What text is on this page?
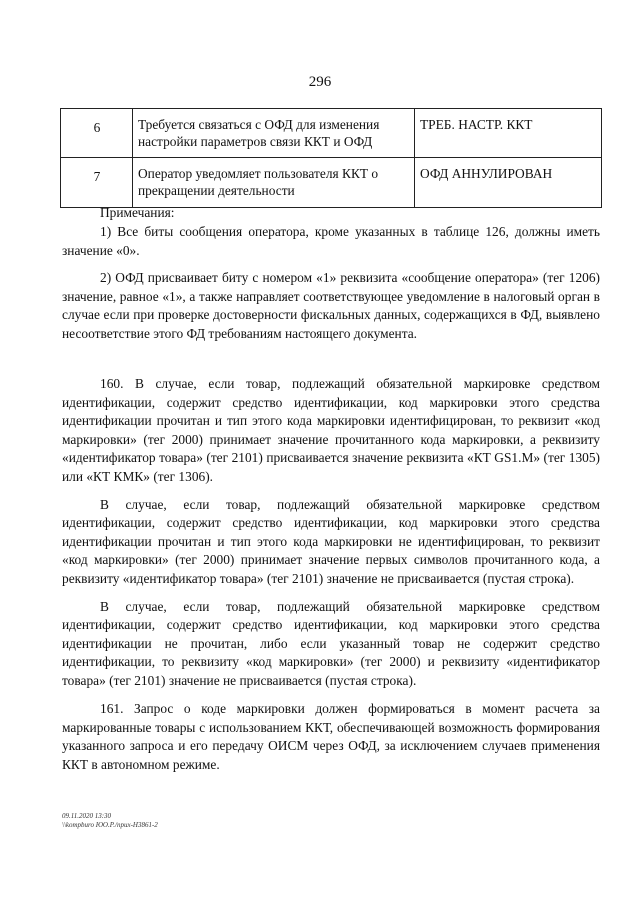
296
6	Требуется связаться с ОФД для изменения настройки параметров связи ККТ и ОФД	ТРЕБ. НАСТР. ККТ
7	Оператор уведомляет пользователя ККТ о прекращении деятельности	ОФД АННУЛИРОВАН
Примечания:

1) Все биты сообщения оператора, кроме указанных в таблице 126, должны иметь значение «0».

2) ОФД присваивает биту с номером «1» реквизита «сообщение оператора» (тег 1206) значение, равное «1», а также направляет соответствующее уведомление в налоговый орган в случае если при проверке достоверности фискальных данных, содержащихся в ФД, выявлено несоответствие этого ФД требованиям настоящего документа.

160. В случае, если товар, подлежащий обязательной маркировке средством идентификации, содержит средство идентификации, код маркировки этого средства идентификации прочитан и тип этого кода маркировки идентифицирован, то реквизит «код маркировки» (тег 2000) принимает значение прочитанного кода маркировки, а реквизиту «идентификатор товара» (тег 2101) присваивается значение реквизита «КТ GS1.M» (тег 1305) или «КТ КМК» (тег 1306).

В случае, если товар, подлежащий обязательной маркировке средством идентификации, содержит средство идентификации, код маркировки этого средства идентификации прочитан и тип этого кода маркировки не идентифицирован, то реквизит «код маркировки» (тег 2000) принимает значение первых символов прочитанного кода, а реквизиту «идентификатор товара» (тег 2101) значение не присваивается (пустая строка).

В случае, если товар, подлежащий обязательной маркировке средством идентификации, содержит средство идентификации, код маркировки этого средства идентификации не прочитан, либо если указанный товар не содержит средство идентификации, то реквизиту «код маркировки» (тег 2000) и реквизиту «идентификатор товара» (тег 2101) значение не присваивается (пустая строка).

161. Запрос о коде маркировки должен формироваться в момент расчета за маркированные товары с использованием ККТ, обеспечивающей возможность формирования указанного запроса и его передачу ОИСМ через ОФД, за исключением случаев применения ККТ в автономном режиме.

09.11.2020 13:30
\\kompburo ЮО.Р./приx-H3861-2
